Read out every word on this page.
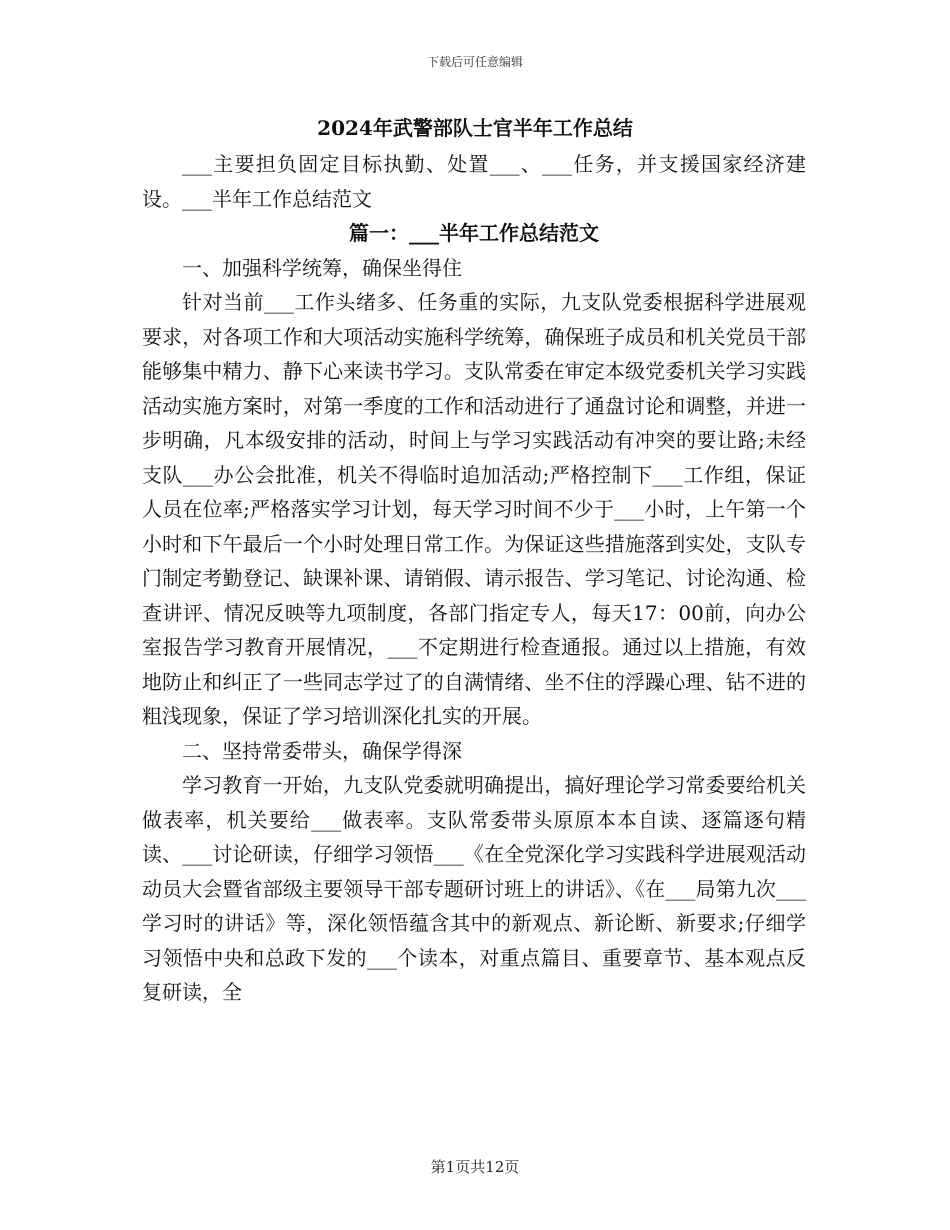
下载后可任意编辑
2024年武警部队士官半年工作总结

___主要担负固定目标执勤、处置___、___任务，并支援国家经济建设。___半年工作总结范文

篇一：___半年工作总结范文

一、加强科学统筹，确保坐得住

针对当前___工作头绪多、任务重的实际，九支队党委根据科学进展观要求，对各项工作和大项活动实施科学统筹，确保班子成员和机关党员干部能够集中精力、静下心来读书学习。支队常委在审定本级党委机关学习实践活动实施方案时，对第一季度的工作和活动进行了通盘讨论和调整，并进一步明确，凡本级安排的活动，时间上与学习实践活动有冲突的要让路;未经支队___办公会批准，机关不得临时追加活动;严格控制下___工作组，保证人员在位率;严格落实学习计划，每天学习时间不少于___小时，上午第一个小时和下午最后一个小时处理日常工作。为保证这些措施落到实处，支队专门制定考勤登记、缺课补课、请销假、请示报告、学习笔记、讨论沟通、检查讲评、情况反映等九项制度，各部门指定专人，每天17：00前，向办公室报告学习教育开展情况，___不定期进行检查通报。通过以上措施，有效地防止和纠正了一些同志学过了的自满情绪、坐不住的浮躁心理、钻不进的粗浅现象，保证了学习培训深化扎实的开展。

二、坚持常委带头，确保学得深

学习教育一开始，九支队党委就明确提出，搞好理论学习常委要给机关做表率，机关要给___做表率。支队常委带头原原本本自读、逐篇逐句精读、___讨论研读，仔细学习领悟___《在全党深化学习实践科学进展观活动动员大会暨省部级主要领导干部专题研讨班上的讲话》、《在___局第九次___学习时的讲话》等，深化领悟蕴含其中的新观点、新论断、新要求;仔细学习领悟中央和总政下发的___个读本，对重点篇目、重要章节、基本观点反复研读，全

第1页共12页
